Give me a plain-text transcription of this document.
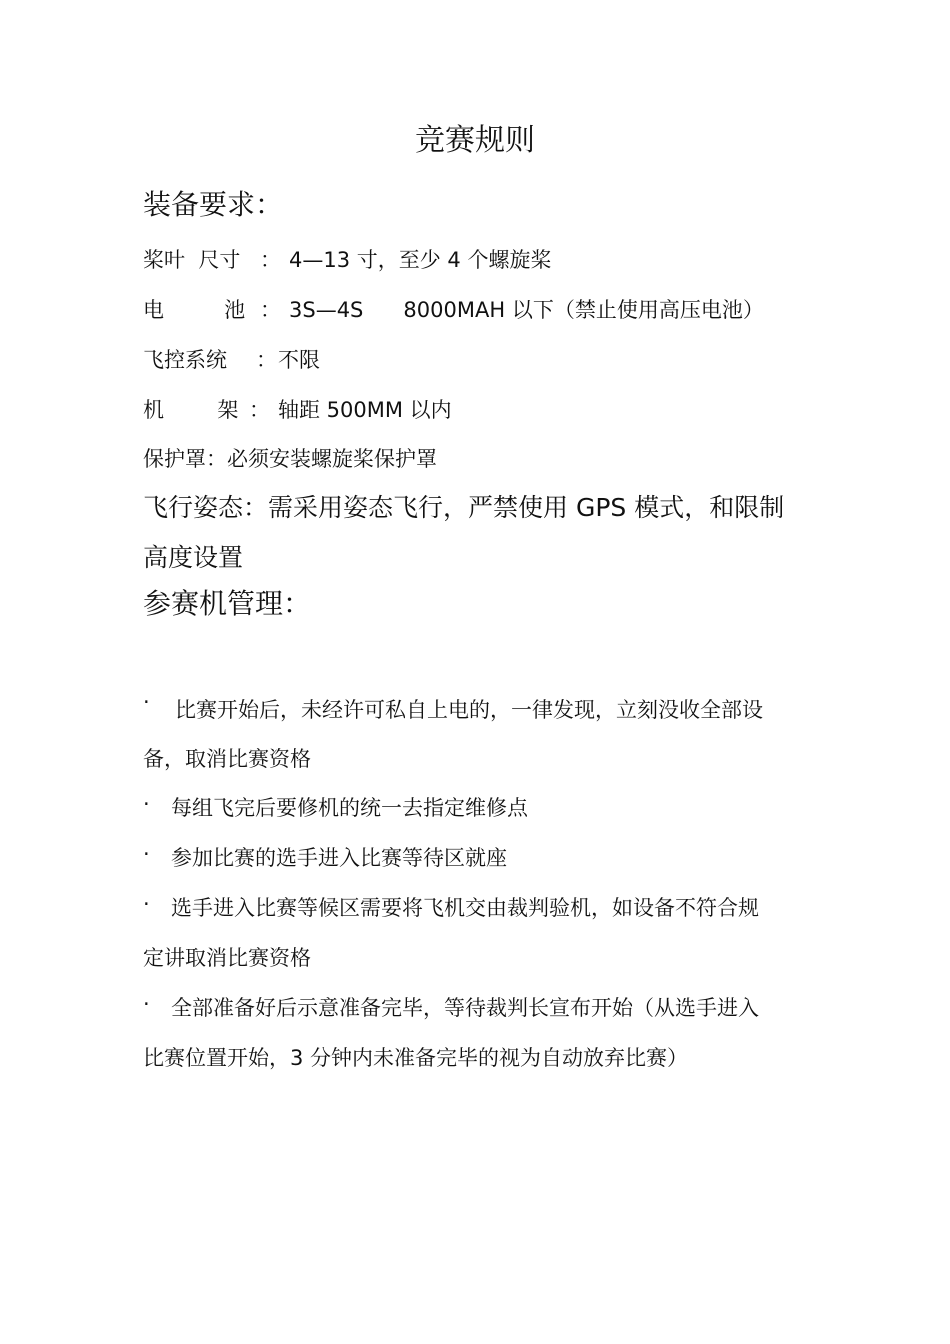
竞赛规则
装备要求：
桨叶  尺寸 ： 4—13 寸，至少 4 个螺旋桨
电         池 ： 3S—4S      8000MAH 以下（禁止使用高压电池）
飞控系统 ： 不限
机        架 ： 轴距 500MM 以内
保护罩：必须安装螺旋桨保护罩
飞行姿态：需采用姿态飞行，严禁使用 GPS 模式，和限制
高度设置
参赛机管理：
· 比赛开始后，未经许可私自上电的，一律发现，立刻没收全部设
备，取消比赛资格
· 每组飞完后要修机的统一去指定维修点
· 参加比赛的选手进入比赛等待区就座
· 选手进入比赛等候区需要将飞机交由裁判验机，如设备不符合规
定讲取消比赛资格
· 全部准备好后示意准备完毕，等待裁判长宣布开始（从选手进入
比赛位置开始，3 分钟内未准备完毕的视为自动放弃比赛）
